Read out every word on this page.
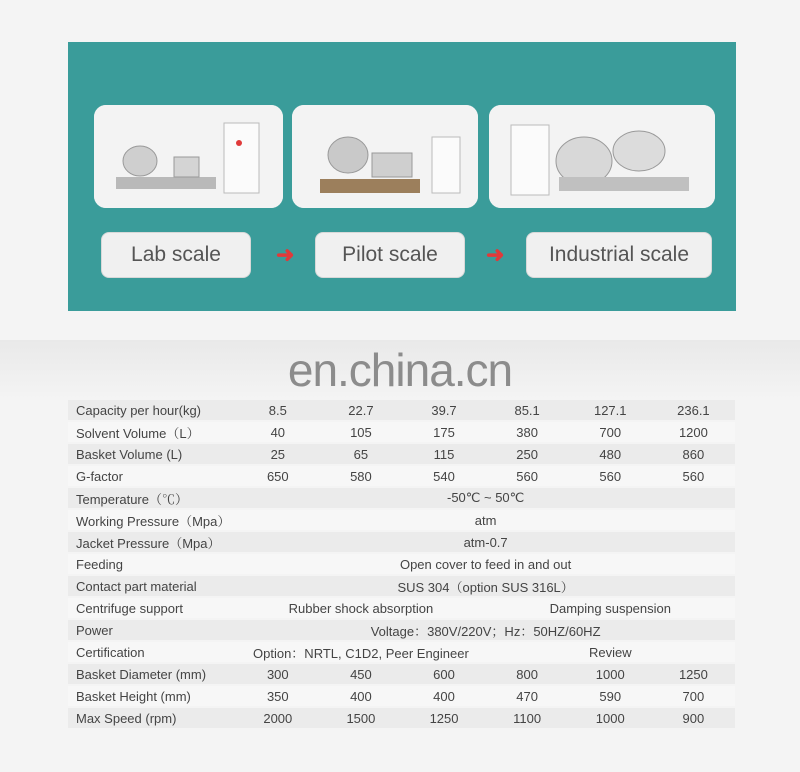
Lab scale	➜	Pilot scale	➜	Industrial scale
en.china.cn
Capacity per hour(kg)	8.5	22.7	39.7	85.1	127.1	236.1
Solvent Volume（L）	40	105	175	380	700	1200
Basket Volume (L)	25	65	115	250	480	860
G-factor	650	580	540	560	560	560
Temperature（℃）	-50℃ ~ 50℃					
Working Pressure（Mpa）	atm					
Jacket Pressure（Mpa）	atm-0.7					
Feeding	Open cover to feed in and out					
Contact part material	SUS 304（option SUS 316L）					
Centrifuge support	Rubber shock absorption			Damping suspension		
Power	Voltage：380V/220V；Hz：50HZ/60HZ					
Certification	Option：NRTL, C1D2, Peer Engineer			Review		
Basket Diameter (mm)	300	450	600	800	1000	1250
Basket Height (mm)	350	400	400	470	590	700
Max Speed (rpm)	2000	1500	1250	1100	1000	900
